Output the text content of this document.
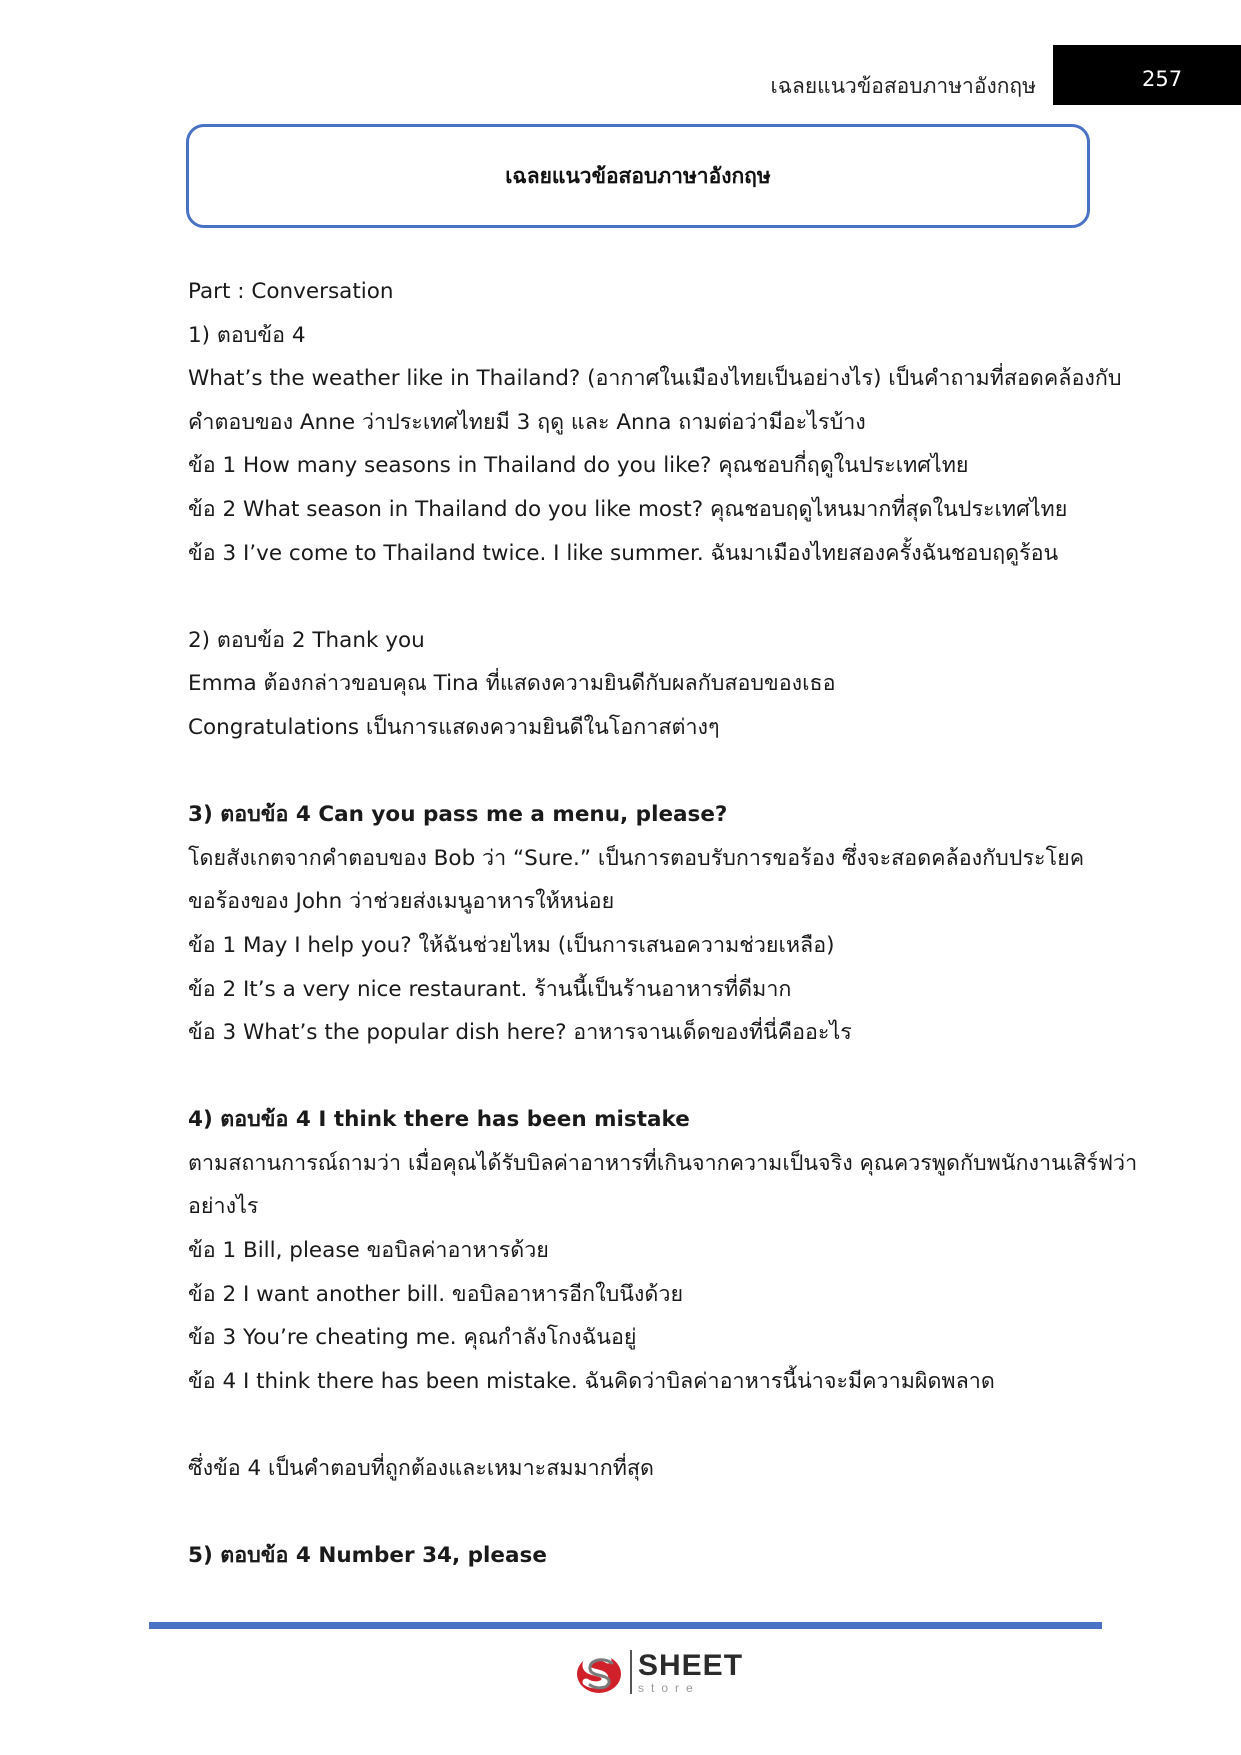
เฉลยแนวข้อสอบภาษาอังกฤษ	257
เฉลยแนวข้อสอบภาษาอังกฤษ
Part : Conversation
1) ตอบข้อ 4
What’s the weather like in Thailand? (อากาศในเมืองไทยเป็นอย่างไร) เป็นคำถามที่สอดคล้องกับ
คำตอบของ Anne ว่าประเทศไทยมี 3 ฤดู และ Anna ถามต่อว่ามีอะไรบ้าง
ข้อ 1 How many seasons in Thailand do you like? คุณชอบกี่ฤดูในประเทศไทย
ข้อ 2 What season in Thailand do you like most? คุณชอบฤดูไหนมากที่สุดในประเทศไทย
ข้อ 3 I’ve come to Thailand twice. I like summer. ฉันมาเมืองไทยสองครั้งฉันชอบฤดูร้อน
2) ตอบข้อ 2 Thank you
Emma ต้องกล่าวขอบคุณ Tina ที่แสดงความยินดีกับผลกับสอบของเธอ
Congratulations เป็นการแสดงความยินดีในโอกาสต่างๆ
3) ตอบข้อ 4 Can you pass me a menu, please?
โดยสังเกตจากคำตอบของ Bob ว่า “Sure.” เป็นการตอบรับการขอร้อง ซึ่งจะสอดคล้องกับประโยค
ขอร้องของ John ว่าช่วยส่งเมนูอาหารให้หน่อย
ข้อ 1 May I help you? ให้ฉันช่วยไหม (เป็นการเสนอความช่วยเหลือ)
ข้อ 2 It’s a very nice restaurant. ร้านนี้เป็นร้านอาหารที่ดีมาก
ข้อ 3 What’s the popular dish here? อาหารจานเด็ดของที่นี่คืออะไร
4) ตอบข้อ 4 I think there has been mistake
ตามสถานการณ์ถามว่า เมื่อคุณได้รับบิลค่าอาหารที่เกินจากความเป็นจริง คุณควรพูดกับพนักงานเสิร์ฟว่า
อย่างไร
ข้อ 1 Bill, please ขอบิลค่าอาหารด้วย
ข้อ 2 I want another bill. ขอบิลอาหารอีกใบนึงด้วย
ข้อ 3 You’re cheating me. คุณกำลังโกงฉันอยู่
ข้อ 4 I think there has been mistake. ฉันคิดว่าบิลค่าอาหารนี้น่าจะมีความผิดพลาด
ซึ่งข้อ 4 เป็นคำตอบที่ถูกต้องและเหมาะสมมากที่สุด
5) ตอบข้อ 4 Number 34, please
SHEET
store
